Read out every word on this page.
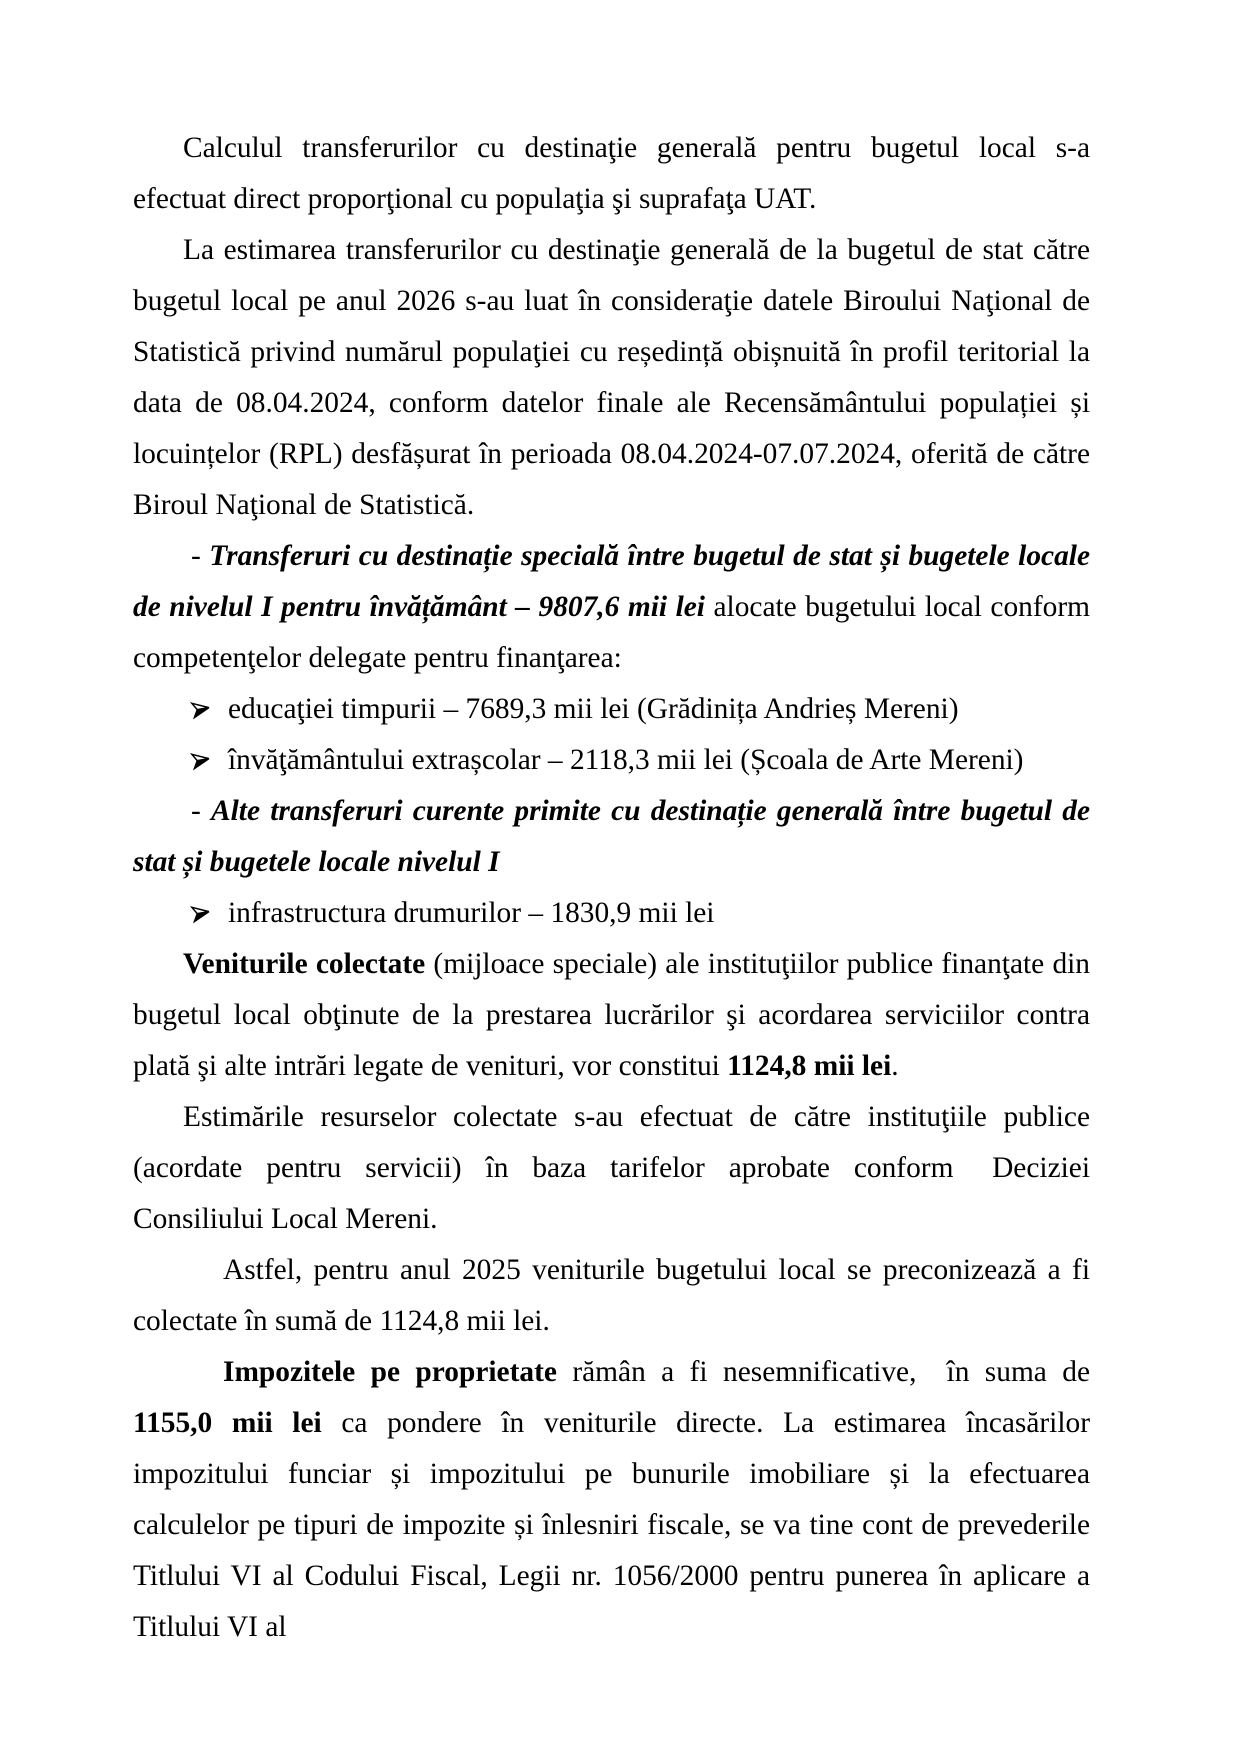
Calculul transferurilor cu destinaţie generală pentru bugetul local s-a efectuat direct proporţional cu populaţia şi suprafaţa UAT.

La estimarea transferurilor cu destinaţie generală de la bugetul de stat către bugetul local pe anul 2026 s-au luat în consideraţie datele Biroului Naţional de Statistică privind numărul populaţiei cu reședință obișnuită în profil teritorial la data de 08.04.2024, conform datelor finale ale Recensământului populației și locuințelor (RPL) desfășurat în perioada 08.04.2024-07.07.2024, oferită de către Biroul Naţional de Statistică.

- Transferuri cu destinație specială între bugetul de stat și bugetele locale de nivelul I pentru învățământ – 9807,6 mii lei alocate bugetului local conform competenţelor delegate pentru finanţarea:

educaţiei timpurii – 7689,3 mii lei (Grădinița Andrieș Mereni)

învăţământului extrașcolar – 2118,3 mii lei (Școala de Arte Mereni)

- Alte transferuri curente primite cu destinație generală între bugetul de stat și bugetele locale nivelul I

infrastructura drumurilor – 1830,9 mii lei

Veniturile colectate (mijloace speciale) ale instituţiilor publice finanţate din bugetul local obţinute de la prestarea lucrărilor şi acordarea serviciilor contra plată şi alte intrări legate de venituri, vor constitui 1124,8 mii lei.

Estimările resurselor colectate s-au efectuat de către instituţiile publice (acordate pentru servicii) în baza tarifelor aprobate conform  Deciziei Consiliului Local Mereni.

Astfel, pentru anul 2025 veniturile bugetului local se preconizează a fi colectate în sumă de 1124,8 mii lei.

Impozitele pe proprietate rămân a fi nesemnificative,  în suma de 1155,0 mii lei ca pondere în veniturile directe. La estimarea încasărilor impozitului funciar și impozitului pe bunurile imobiliare și la efectuarea calculelor pe tipuri de impozite și înlesniri fiscale, se va tine cont de prevederile Titlului VI al Codului Fiscal, Legii nr. 1056/2000 pentru punerea în aplicare a Titlului VI al
